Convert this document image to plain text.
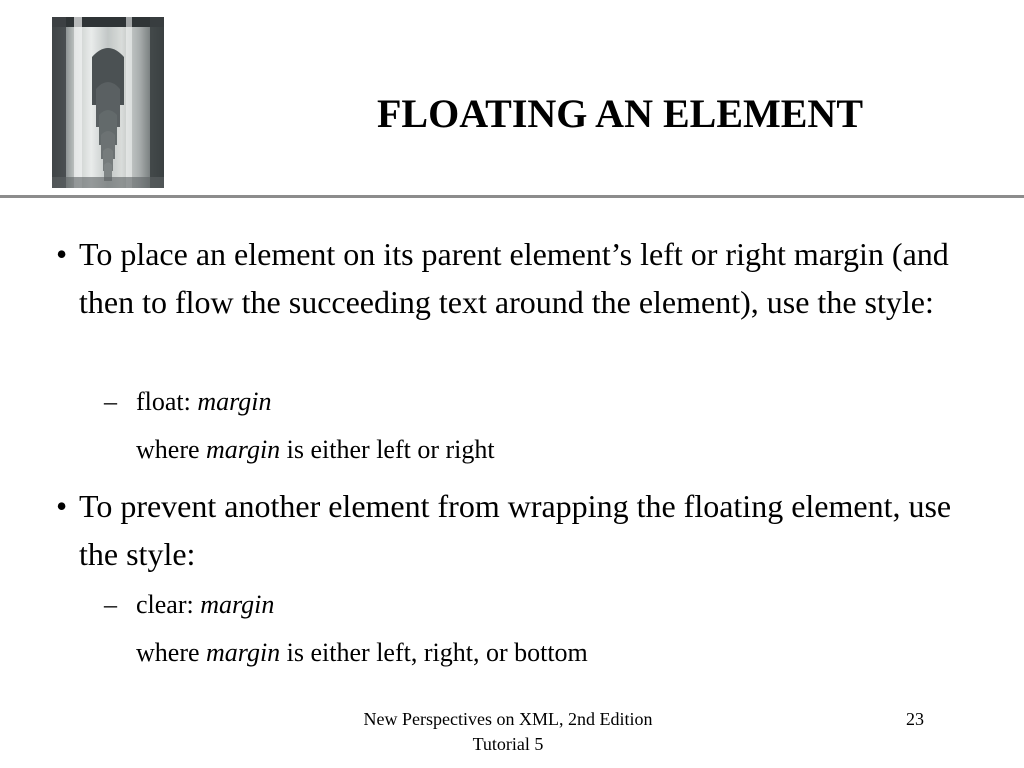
FLOATING AN ELEMENT
• To place an element on its parent element’s left or right margin (and then to flow the succeeding text around the element), use the style:
– float: margin
where margin is either left or right
• To prevent another element from wrapping the floating element, use the style:
– clear: margin
where margin is either left, right, or bottom
New Perspectives on XML, 2nd Edition
Tutorial 5
23
